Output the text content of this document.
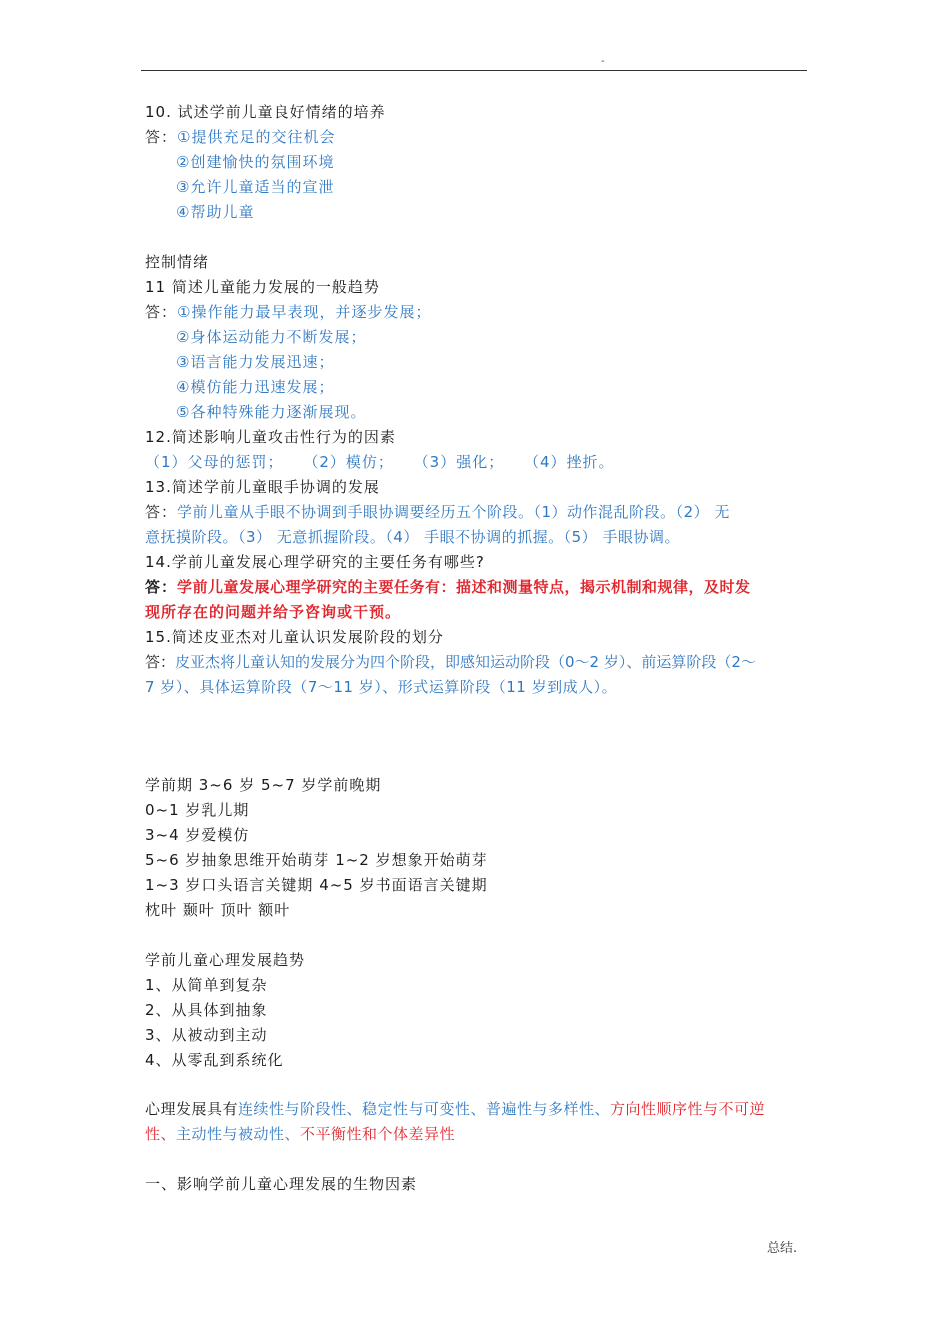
-
10. 试述学前儿童良好情绪的培养
答：①提供充足的交往机会
②创建愉快的氛围环境
③允许儿童适当的宣泄
④帮助儿童
控制情绪
11 简述儿童能力发展的一般趋势
答：①操作能力最早表现，并逐步发展；
②身体运动能力不断发展；
③语言能力发展迅速；
④模仿能力迅速发展；
⑤各种特殊能力逐渐展现。
12.简述影响儿童攻击性行为的因素
（1）父母的惩罚； （2）模仿； （3）强化； （4）挫折。
13.简述学前儿童眼手协调的发展
答：学前儿童从手眼不协调到手眼协调要经历五个阶段。（1）动作混乱阶段。（2） 无
意抚摸阶段。（3） 无意抓握阶段。（4） 手眼不协调的抓握。（5） 手眼协调。
14.学前儿童发展心理学研究的主要任务有哪些?
答：学前儿童发展心理学研究的主要任务有：描述和测量特点，揭示机制和规律，及时发
现所存在的问题并给予咨询或干预。
15.简述皮亚杰对儿童认识发展阶段的划分
答：皮亚杰将儿童认知的发展分为四个阶段，即感知运动阶段（0～2 岁）、前运算阶段（2～
7 岁）、具体运算阶段（7～11 岁）、形式运算阶段（11 岁到成人）。
学前期 3~6 岁 5~7 岁学前晚期
0~1 岁乳儿期
3~4 岁爱模仿
5~6 岁抽象思维开始萌芽 1~2 岁想象开始萌芽
1~3 岁口头语言关键期 4~5 岁书面语言关键期
枕叶 颞叶 顶叶 额叶
学前儿童心理发展趋势
1、从简单到复杂
2、从具体到抽象
3、从被动到主动
4、从零乱到系统化
心理发展具有连续性与阶段性、稳定性与可变性、普遍性与多样性、方向性顺序性与不可逆
性、主动性与被动性、不平衡性和个体差异性
一、影响学前儿童心理发展的生物因素
总结.
